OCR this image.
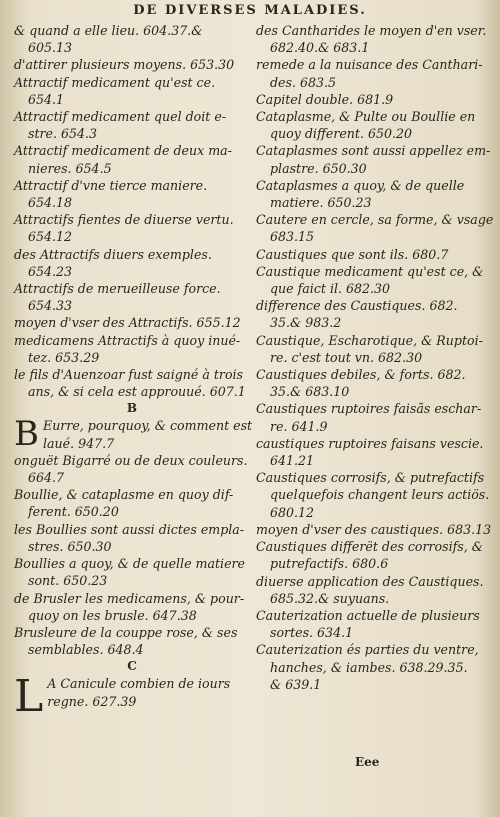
DE DIVERSES MALADIES.
& quand a elle lieu. 604.37.&
605.13
d'attirer plusieurs moyens. 653.30
Attractif medicament qu'est ce.
654.1
Attractif medicament quel doit e-
stre. 654.3
Attractif medicament de deux ma-
nieres. 654.5
Attractif d'vne tierce maniere.
654.18
Attractifs fientes de diuerse vertu.
654.12
des Attractifs diuers exemples.
654.23
Attractifs de merueilleuse force.
654.33
moyen d'vser des Attractifs. 655.12
medicamens Attractifs à quoy inué-
tez. 653.29
le fils d'Auenzoar fust saigné à trois
ans, & si cela est approuué. 607.1
B
B Eurre, pourquoy, & comment est
laué. 947.7
onguët Bigarré ou de deux couleurs.
664.7
Boullie, & cataplasme en quoy dif-
ferent. 650.20
les Boullies sont aussi dictes empla-
stres. 650.30
Boullies a quoy, & de quelle matiere
sont. 650.23
de Brusler les medicamens, & pour-
quoy on les brusle. 647.38
Brusleure de la couppe rose, & ses
semblables. 648.4
C
L A Canicule combien de iours
regne. 627.39
des Cantharides le moyen d'en vser.
682.40.& 683.1
remede a la nuisance des Canthari-
des. 683.5
Capitel double. 681.9
Cataplasme, & Pulte ou Boullie en
quoy different. 650.20
Cataplasmes sont aussi appellez em-
plastre. 650.30
Cataplasmes a quoy, & de quelle
matiere. 650.23
Cautere en cercle, sa forme, & vsage
683.15
Caustiques que sont ils. 680.7
Caustique medicament qu'est ce, &
que faict il. 682.30
difference des Caustiques. 682.
35.& 983.2
Caustique, Escharotique, & Ruptoi-
re. c'est tout vn. 682.30
Caustiques debiles, & forts. 682.
35.& 683.10
Caustiques ruptoires faisãs eschar-
re. 641.9
caustiques ruptoires faisans vescie.
641.21
Caustiques corrosifs, & putrefactifs
quelquefois changent leurs actiös.
680.12
moyen d'vser des caustiques. 683.13
Caustiques differët des corrosifs, &
putrefactifs. 680.6
diuerse application des Caustiques.
685.32.& suyuans.
Cauterization actuelle de plusieurs
sortes. 634.1
Cauterization és parties du ventre,
hanches, & iambes. 638.29.35.
& 639.1
Eee
